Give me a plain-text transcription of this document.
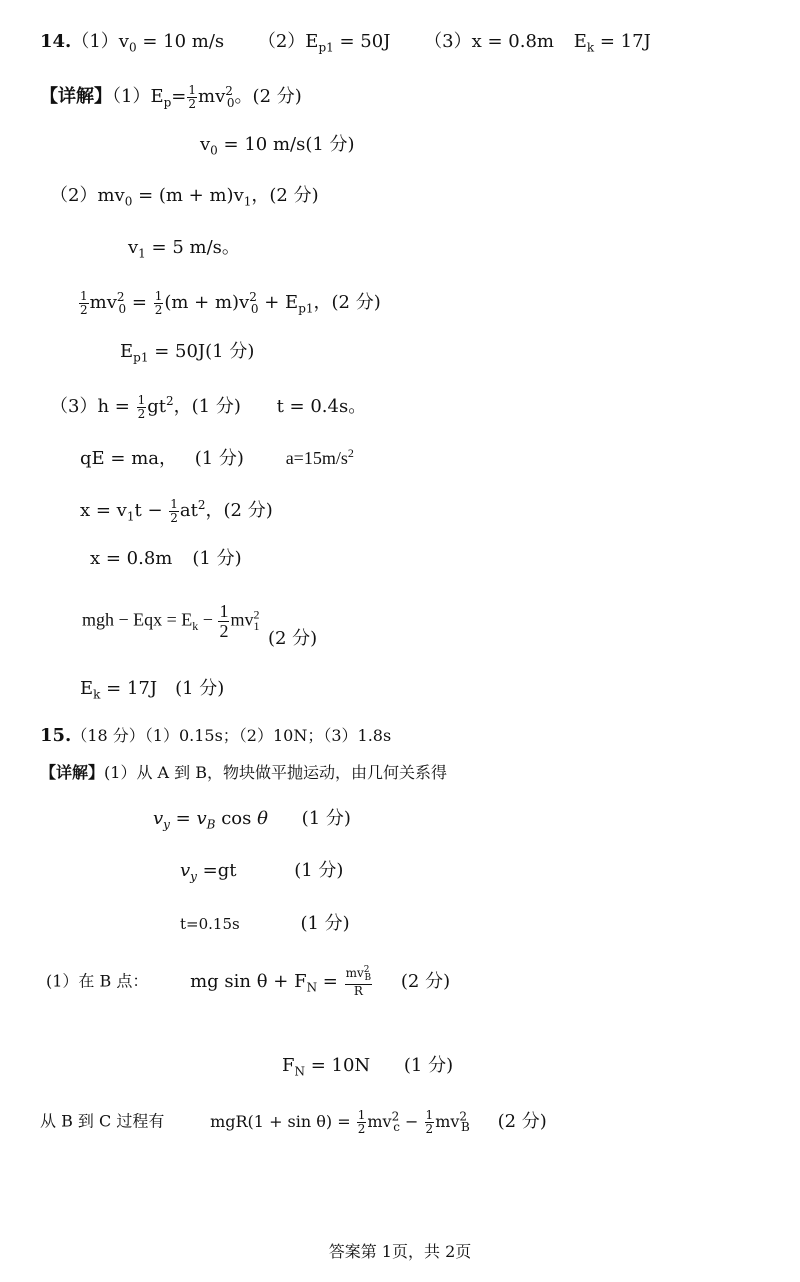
$14.(1)v_0 = 10$ m/s $(2)E_{p1} = 50J$ （3）x = 0.8m $E_k = 17J$
【详解】$(1)E_p= \frac{1}{2} mv^2_0$。(2 分)
$v_0 = 10$ m/s(1 分)
$(2)mv_0 = (m + m)v_1$，(2 分)
$v_1 = 5$ m/s。
$\frac{1}{2} mv^2_0 = \frac{1}{2} (m + m)v^2_0 + E_{p1}$，(2 分)
$E_{p1} = 50J(1$ 分)
$(3)h = \frac{1}{2} gt^2$，(1 分) t = 0.4s。
qE = ma， (1 分) $a=15m/s^2$
$x = v_1t - \frac{1}{2} at^2$，(2 分)
x = 0.8m (1 分)
mgh − Eqx = $E_k - \frac{1}{2} mv^2_1$ (2 分)
$E_k = 17J$ (1 分)
15.（18 分）（1）0.15s；（2）10N；（3）1.8s
【详解】(1）从 A 到 B，物块做平抛运动，由几何关系得
$v_y = v_B$ cos θ (1 分)
$v_y =gt$	(1 分)
t=0.15s	(1 分)
(1）在 B 点： mg $\sin \theta + F_N = \frac{mv^2_B}{R} (2$ 分)
$F_N = 10N$ (1 分)
从 B 到 C 过程有	$mgR(1 + \sin \theta) = \frac{1}{2} mv^2_c - \frac{1}{2} mv^2_B$ (2 分)
答案第 1页，共 2页
